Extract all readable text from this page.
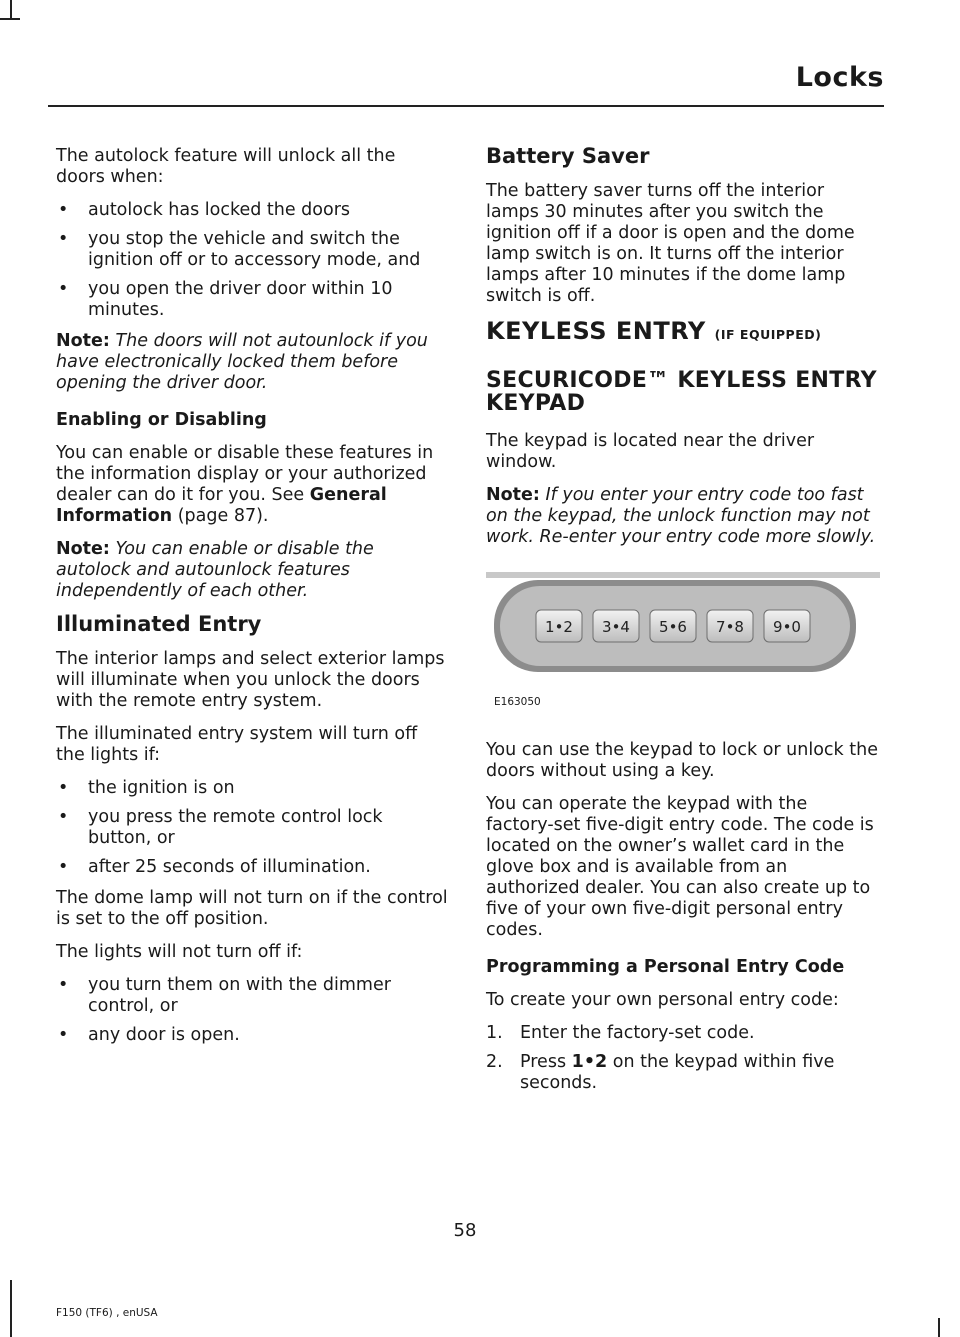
Locks

The autolock feature will unlock all the doors when:

• autolock has locked the doors
• you stop the vehicle and switch the ignition off or to accessory mode, and
• you open the driver door within 10 minutes.

Note: The doors will not autounlock if you have electronically locked them before opening the driver door.

Enabling or Disabling

You can enable or disable these features in the information display or your authorized dealer can do it for you. See General Information (page 87).

Note: You can enable or disable the autolock and autounlock features independently of each other.

Illuminated Entry

The interior lamps and select exterior lamps will illuminate when you unlock the doors with the remote entry system.

The illuminated entry system will turn off the lights if:

• the ignition is on
• you press the remote control lock button, or
• after 25 seconds of illumination.

The dome lamp will not turn on if the control is set to the off position.

The lights will not turn off if:

• you turn them on with the dimmer control, or
• any door is open.
Battery Saver

The battery saver turns off the interior lamps 30 minutes after you switch the ignition off if a door is open and the dome lamp switch is on. It turns off the interior lamps after 10 minutes if the dome lamp switch is off.

KEYLESS ENTRY (IF EQUIPPED)
SECURICODE™ KEYLESS ENTRY KEYPAD

The keypad is located near the driver window.

Note: If you enter your entry code too fast on the keypad, the unlock function may not work. Re-enter your entry code more slowly.

1•2 3•4 5•6 7•8 9•0
E163050

You can use the keypad to lock or unlock the doors without using a key.

You can operate the keypad with the factory-set five-digit entry code. The code is located on the owner’s wallet card in the glove box and is available from an authorized dealer. You can also create up to five of your own five-digit personal entry codes.

Programming a Personal Entry Code

To create your own personal entry code:

1. Enter the factory-set code.
2. Press 1•2 on the keypad within five seconds.
58
F150 (TF6) , enUSA
